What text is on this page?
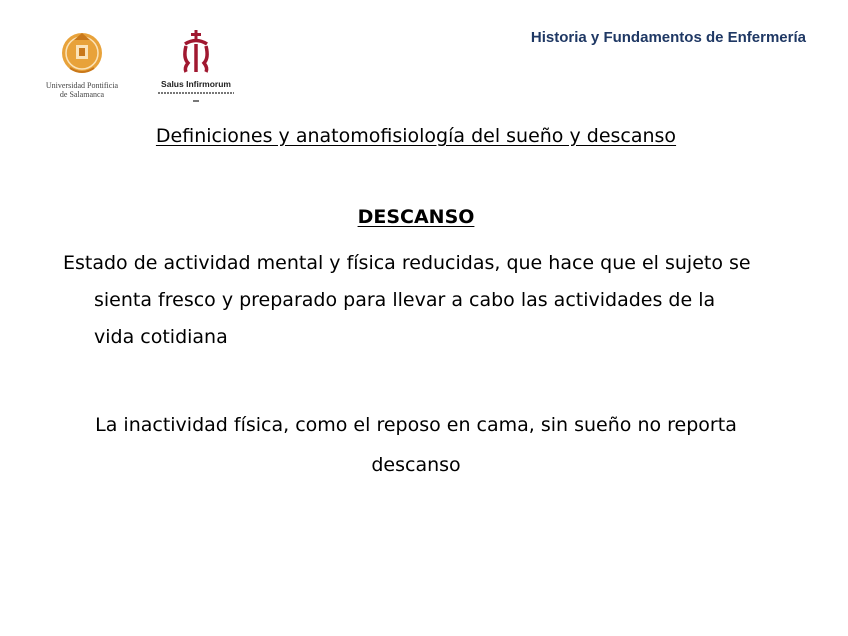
Historia y Fundamentos de Enfermería
Universidad Pontificia
de Salamanca
Salus Infirmorum
Definiciones y anatomofisiología del sueño y descanso
DESCANSO

Estado de actividad mental y física reducidas, que hace que el sujeto se sienta fresco y preparado para llevar a cabo las actividades de la vida cotidiana

La inactividad física, como el reposo en cama, sin sueño no reporta descanso
